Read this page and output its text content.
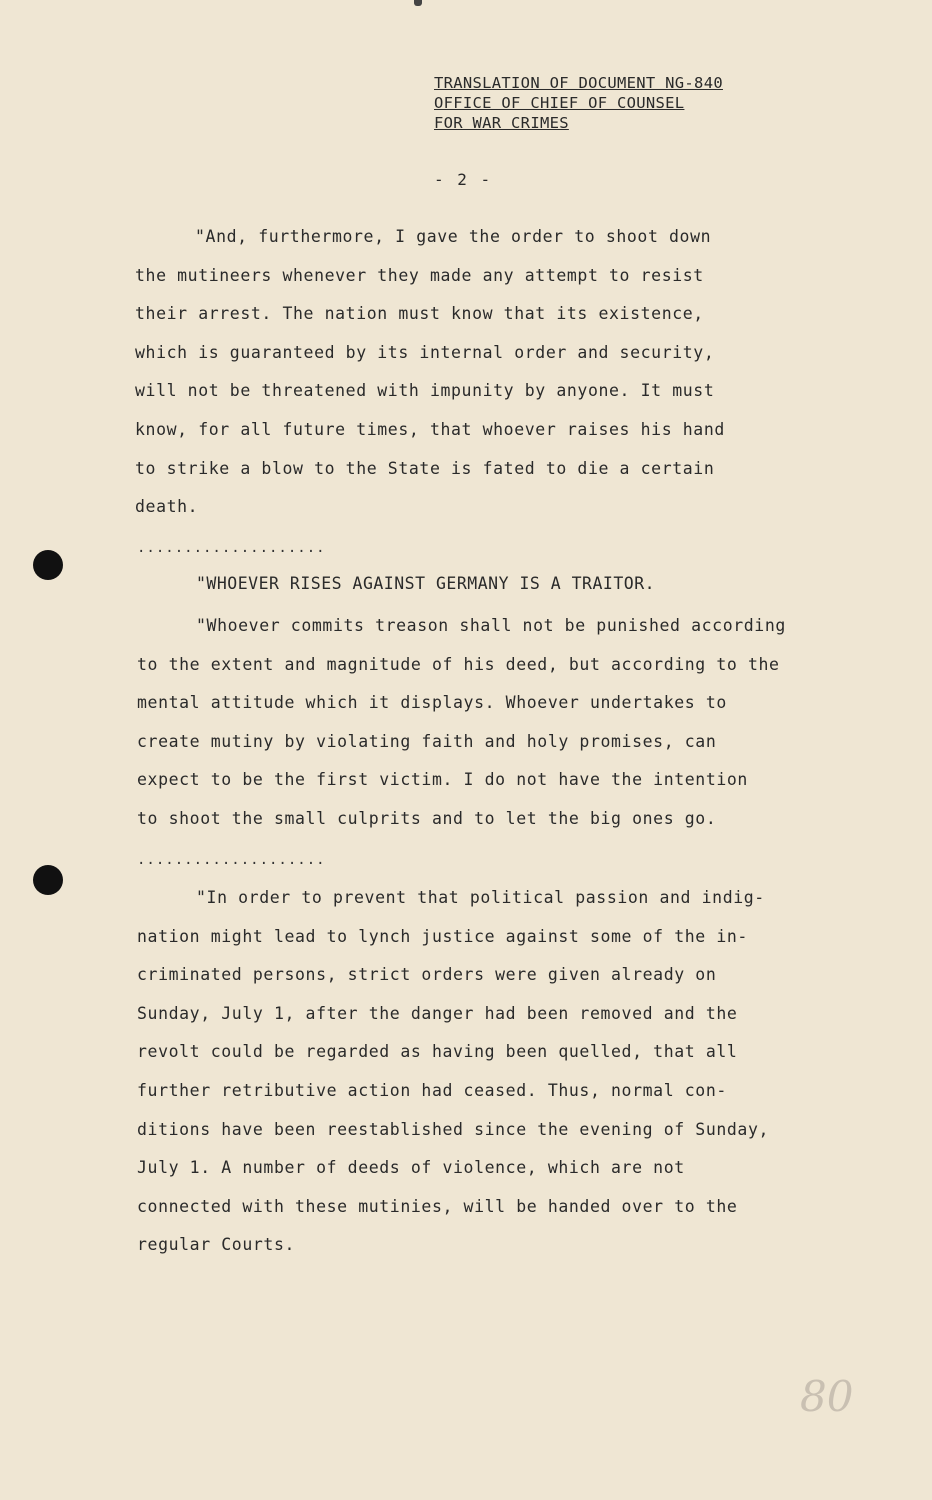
TRANSLATION OF DOCUMENT NG-840
OFFICE OF CHIEF OF COUNSEL
FOR WAR CRIMES
- 2 -
"And, furthermore, I gave the order to shoot down
the mutineers whenever they made any attempt to resist
their arrest. The nation must know that its existence,
which is guaranteed by its internal order and security,
will not be threatened with impunity by anyone. It must
know, for all future times, that whoever raises his hand
to strike a blow to the State is fated to die a certain
death.
....................
"WHOEVER RISES AGAINST GERMANY IS A TRAITOR.
"Whoever commits treason shall not be punished according
to the extent and magnitude of his deed, but according to the
mental attitude which it displays. Whoever undertakes to
create mutiny by violating faith and holy promises, can
expect to be the first victim. I do not have the intention
to shoot the small culprits and to let the big ones go.
....................
"In order to prevent that political passion and indig-
nation might lead to lynch justice against some of the in-
criminated persons, strict orders were given already on
Sunday, July 1, after the danger had been removed and the
revolt could be regarded as having been quelled, that all
further retributive action had ceased. Thus, normal con-
ditions have been reestablished since the evening of Sunday,
July 1. A number of deeds of violence, which are not
connected with these mutinies, will be handed over to the
regular Courts.
80
